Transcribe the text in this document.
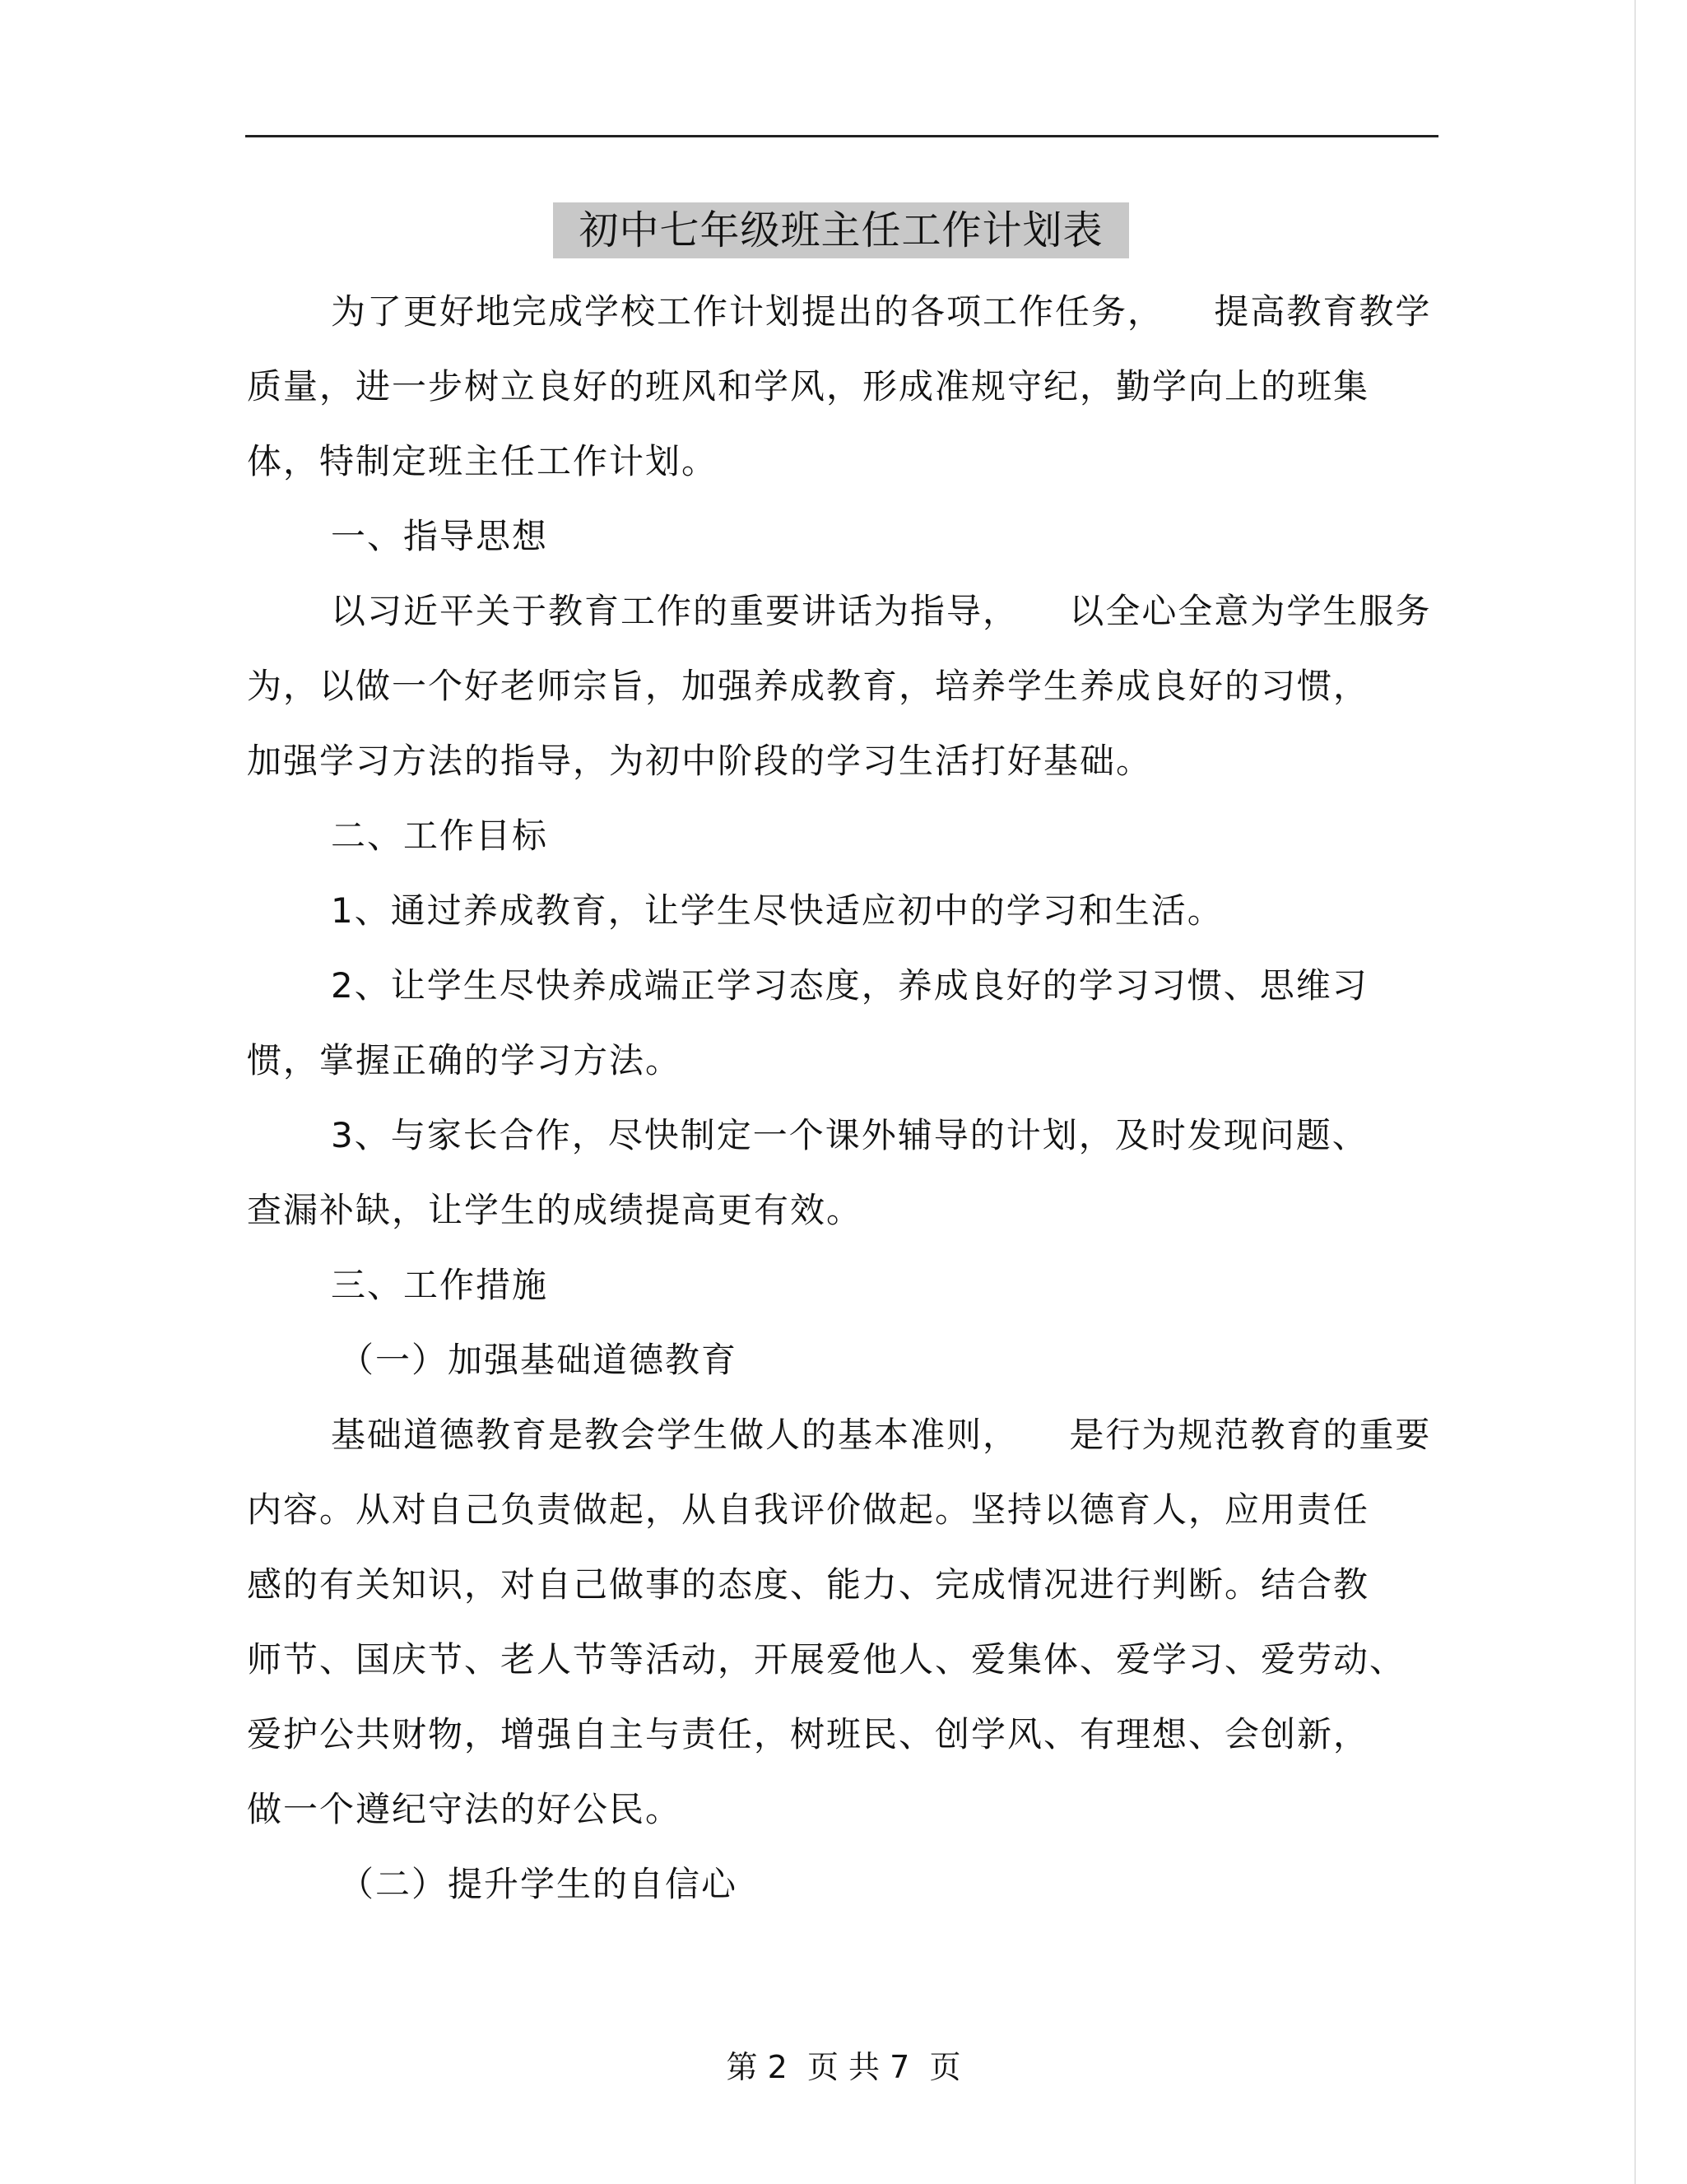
初中七年级班主任工作计划表
为了更好地完成学校工作计划提出的各项工作任务，    提高教育教学
质量，进一步树立良好的班风和学风，形成准规守纪，勤学向上的班集
体，特制定班主任工作计划。
一、指导思想
以习近平关于教育工作的重要讲话为指导，    以全心全意为学生服务
为，以做一个好老师宗旨，加强养成教育，培养学生养成良好的习惯，
加强学习方法的指导，为初中阶段的学习生活打好基础。
二、工作目标
1、通过养成教育，让学生尽快适应初中的学习和生活。
2、让学生尽快养成端正学习态度，养成良好的学习习惯、思维习
惯，掌握正确的学习方法。
3、与家长合作，尽快制定一个课外辅导的计划，及时发现问题、
查漏补缺，让学生的成绩提高更有效。
三、工作措施
（一）加强基础道德教育
基础道德教育是教会学生做人的基本准则，    是行为规范教育的重要
内容。从对自己负责做起，从自我评价做起。坚持以德育人，应用责任
感的有关知识，对自己做事的态度、能力、完成情况进行判断。结合教
师节、国庆节、老人节等活动，开展爱他人、爱集体、爱学习、爱劳动、
爱护公共财物，增强自主与责任，树班民、创学风、有理想、会创新，
做一个遵纪守法的好公民。
（二）提升学生的自信心
第 2  页 共 7  页
